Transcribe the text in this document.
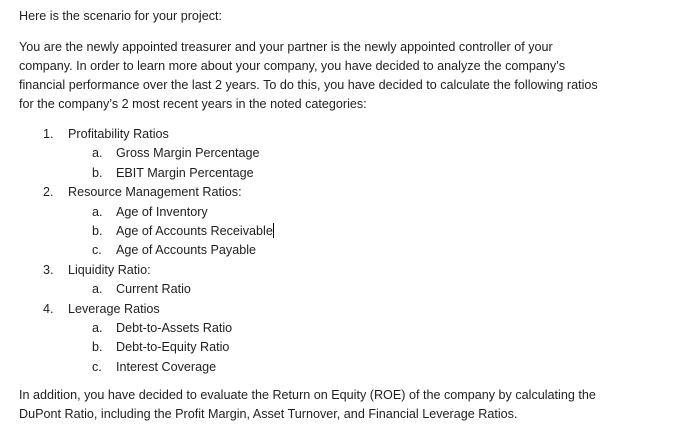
Here is the scenario for your project:

You are the newly appointed treasurer and your partner is the newly appointed controller of your
company. In order to learn more about your company, you have decided to analyze the company’s
financial performance over the last 2 years. To do this, you have decided to calculate the following ratios
for the company’s 2 most recent years in the noted categories:

1. Profitability Ratios
a. Gross Margin Percentage
b. EBIT Margin Percentage
2. Resource Management Ratios:
a. Age of Inventory
b. Age of Accounts Receivable
c. Age of Accounts Payable
3. Liquidity Ratio:
a. Current Ratio
4. Leverage Ratios
a. Debt-to-Assets Ratio
b. Debt-to-Equity Ratio
c. Interest Coverage

In addition, you have decided to evaluate the Return on Equity (ROE) of the company by calculating the
DuPont Ratio, including the Profit Margin, Asset Turnover, and Financial Leverage Ratios.
